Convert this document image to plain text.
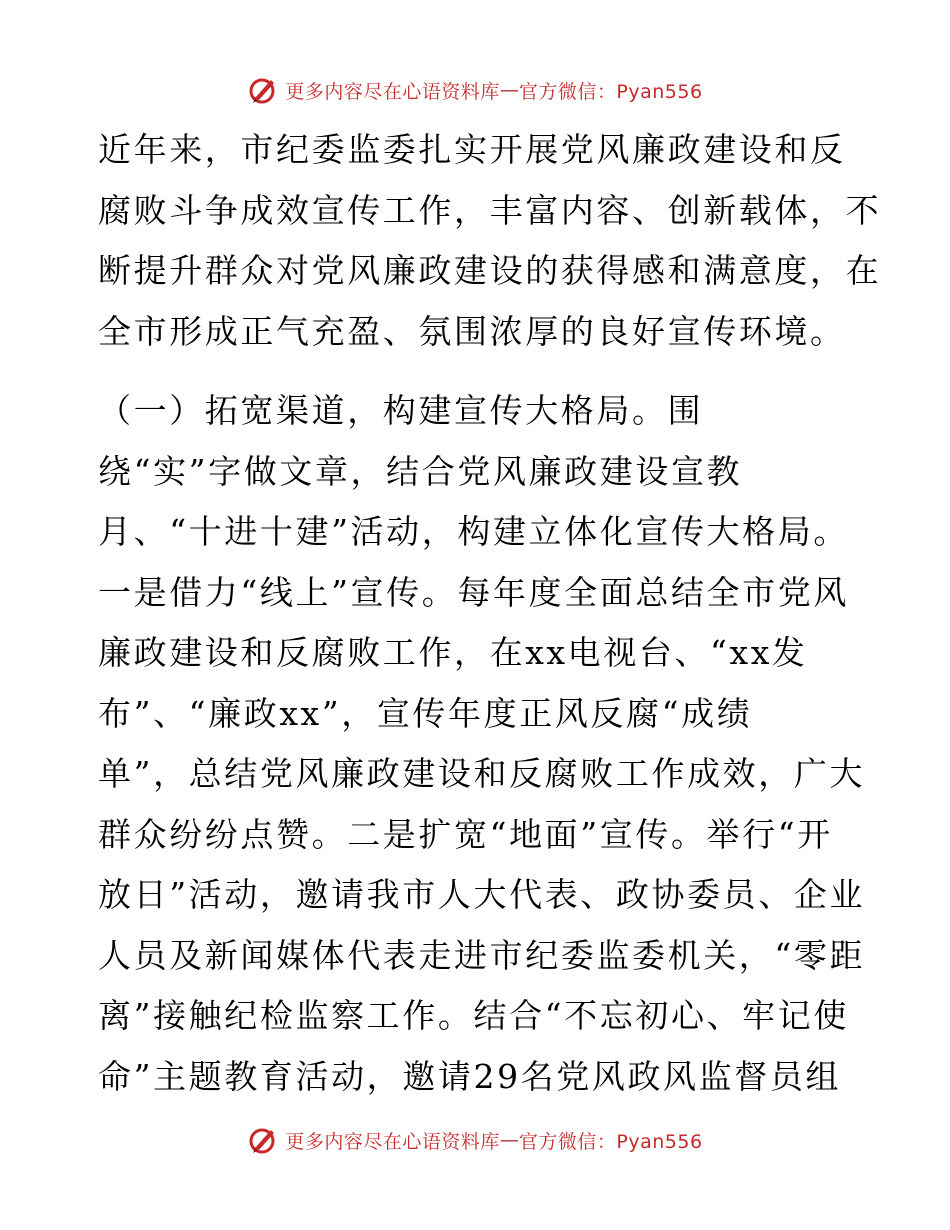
更多内容尽在心语资料库 — 官方微信：Pyan556
近年来，市纪委监委扎实开展党风廉政建设和反
腐败斗争成效宣传工作，丰富内容、创新载体，不
断提升群众对党风廉政建设的获得感和满意度，在
全市形成正气充盈、氛围浓厚的良好宣传环境。
（一）拓宽渠道，构建宣传大格局。围
绕“实”字做文章，结合党风廉政建设宣教
月、“十进十建”活动，构建立体化宣传大格局。
一是借力“线上”宣传。每年度全面总结全市党风
廉政建设和反腐败工作，在xx电视台、“xx发
布”、“廉政xx”，宣传年度正风反腐“成绩
单”，总结党风廉政建设和反腐败工作成效，广大
群众纷纷点赞。二是扩宽“地面”宣传。举行“开
放日”活动，邀请我市人大代表、政协委员、企业
人员及新闻媒体代表走进市纪委监委机关，“零距
离”接触纪检监察工作。结合“不忘初心、牢记使
命”主题教育活动，邀请29名党风政风监督员组
更多内容尽在心语资料库 — 官方微信：Pyan556
